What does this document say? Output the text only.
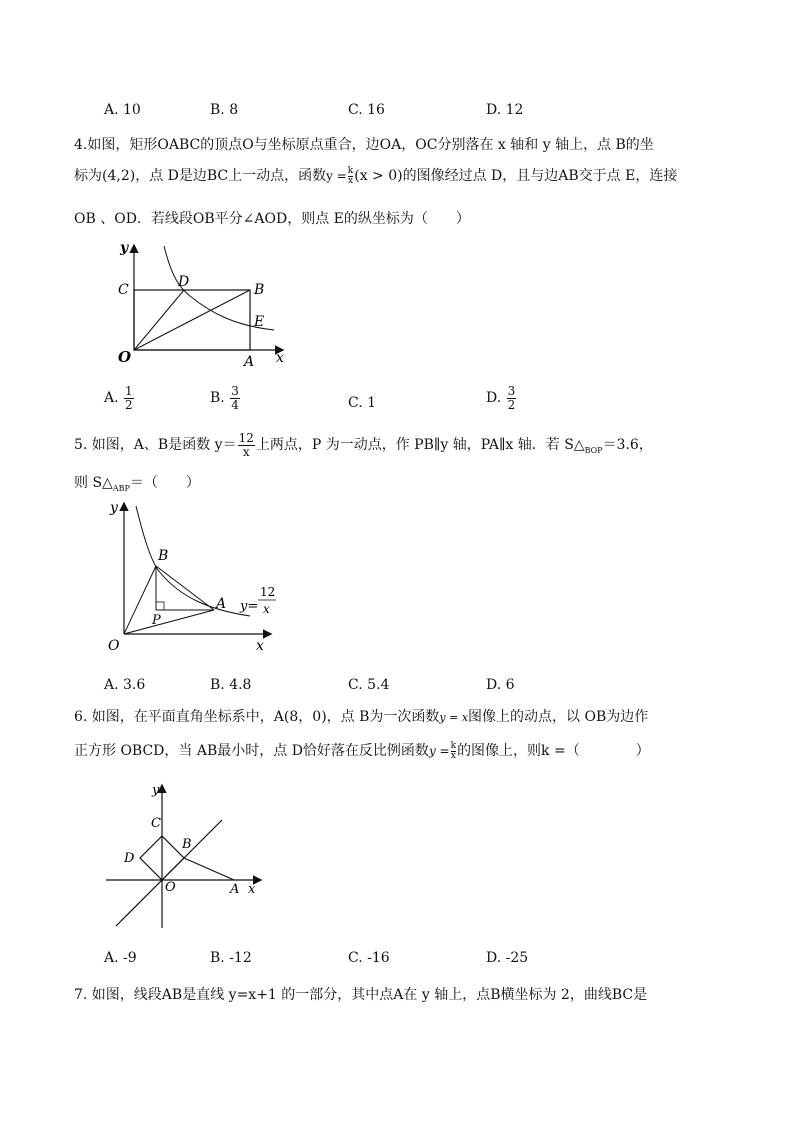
A. 10	B. 8	C. 16	D. 12
4.如图，矩形OABC的顶点O与坐标原点重合，边OA，OC分别落在 x 轴和 y 轴上，点 B的坐
标为(4,2)，点 D是边BC上一动点，函数$y = \frac{k}{x}(x > 0)$的图像经过点 D，且与边AB交于点 E，连接
OB 、OD．若线段OB平分∠AOD，则点 E的纵坐标为（　　）
y
x
O	A
B
C	D
E
A. $\frac{1}{2}$	B. $\frac{3}{4}$	C. 1	D. $\frac{3}{2}$
5. 如图，A、B是函数 $y= \frac{12}{x}$ 上两点，P 为一动点，作 PB∥y 轴，PA∥x 轴．若 $S\triangle_{BOP}=3.6$，
则 $S\triangle_{ABP}=$（　　）
y
x
O
A
B
P
y=
12
x
A. 3.6	B. 4.8	C. 5.4	D. 6
6. 如图，在平面直角坐标系中，A(8，0)，点 B为一次函数y = x图像上的动点，以 OB为边作
正方形 OBCD，当 AB最小时，点 D恰好落在反比例函数$y = \frac{k}{x}$的图像上，则k =（　　　　）
y
x
O	A
B
C
D
A. -9	B. -12	C. -16	D. -25
7. 如图，线段AB是直线 y=x+1 的一部分，其中点A在 y 轴上，点B横坐标为 2，曲线BC是
